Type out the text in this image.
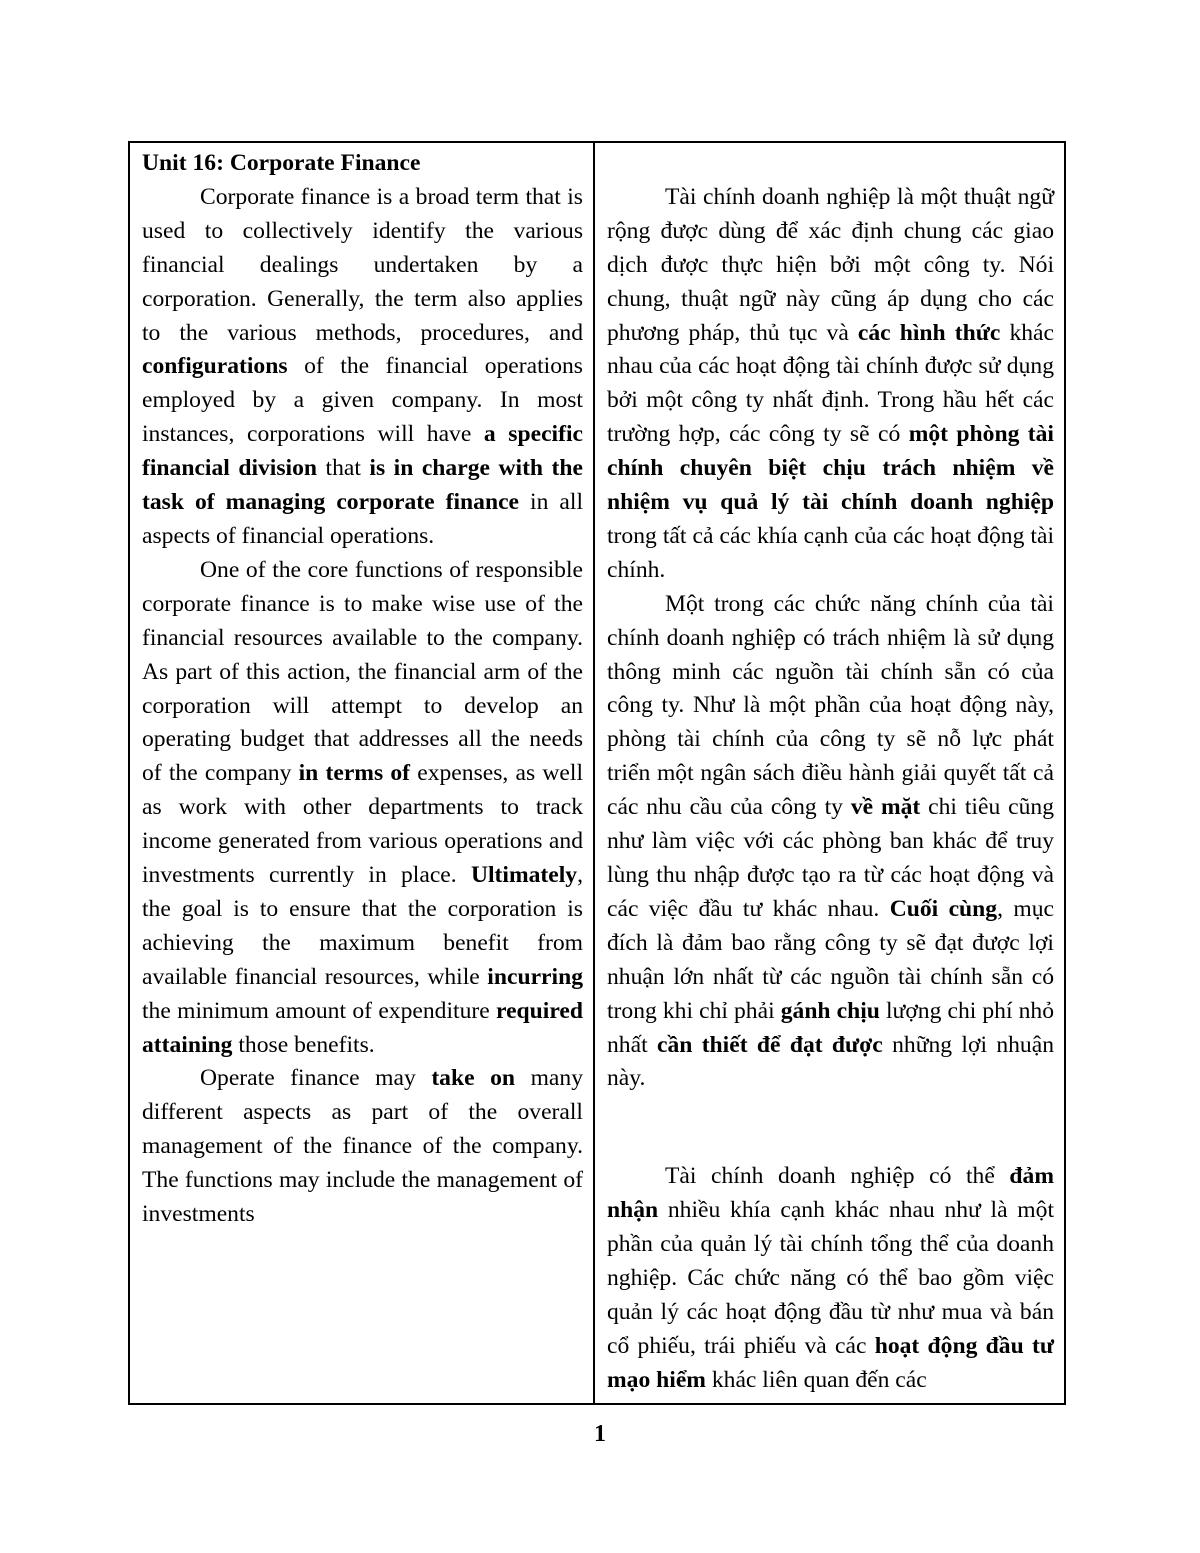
Unit 16: Corporate Finance

Corporate finance is a broad term that is used to collectively identify the various financial dealings undertaken by a corporation. Generally, the term also applies to the various methods, procedures, and configurations of the financial operations employed by a given company. In most instances, corporations will have a specific financial division that is in charge with the task of managing corporate finance in all aspects of financial operations.

One of the core functions of responsible corporate finance is to make wise use of the financial resources available to the company. As part of this action, the financial arm of the corporation will attempt to develop an operating budget that addresses all the needs of the company in terms of expenses, as well as work with other departments to track income generated from various operations and investments currently in place. Ultimately, the goal is to ensure that the corporation is achieving the maximum benefit from available financial resources, while incurring the minimum amount of expenditure required attaining those benefits.

Operate finance may take on many different aspects as part of the overall management of the finance of the company. The functions may include the management of investments

Tài chính doanh nghiệp là một thuật ngữ rộng được dùng để xác định chung các giao dịch được thực hiện bởi một công ty. Nói chung, thuật ngữ này cũng áp dụng cho các phương pháp, thủ tục và các hình thức khác nhau của các hoạt động tài chính được sử dụng bởi một công ty nhất định. Trong hầu hết các trường hợp, các công ty sẽ có một phòng tài chính chuyên biệt chịu trách nhiệm về nhiệm vụ quả lý tài chính doanh nghiệp trong tất cả các khía cạnh của các hoạt động tài chính.

Một trong các chức năng chính của tài chính doanh nghiệp có trách nhiệm là sử dụng thông minh các nguồn tài chính sẵn có của công ty. Như là một phần của hoạt động này, phòng tài chính của công ty sẽ nỗ lực phát triển một ngân sách điều hành giải quyết tất cả các nhu cầu của công ty về mặt chi tiêu cũng như làm việc với các phòng ban khác để truy lùng thu nhập được tạo ra từ các hoạt động và các việc đầu tư khác nhau. Cuối cùng, mục đích là đảm bao rằng công ty sẽ đạt được lợi nhuận lớn nhất từ các nguồn tài chính sẵn có trong khi chỉ phải gánh chịu lượng chi phí nhỏ nhất cần thiết để đạt được những lợi nhuận này.

Tài chính doanh nghiệp có thể đảm nhận nhiều khía cạnh khác nhau như là một phần của quản lý tài chính tổng thể của doanh nghiệp. Các chức năng có thể bao gồm việc quản lý các hoạt động đầu từ như mua và bán cổ phiếu, trái phiếu và các hoạt động đầu tư mạo hiểm khác liên quan đến các

1
